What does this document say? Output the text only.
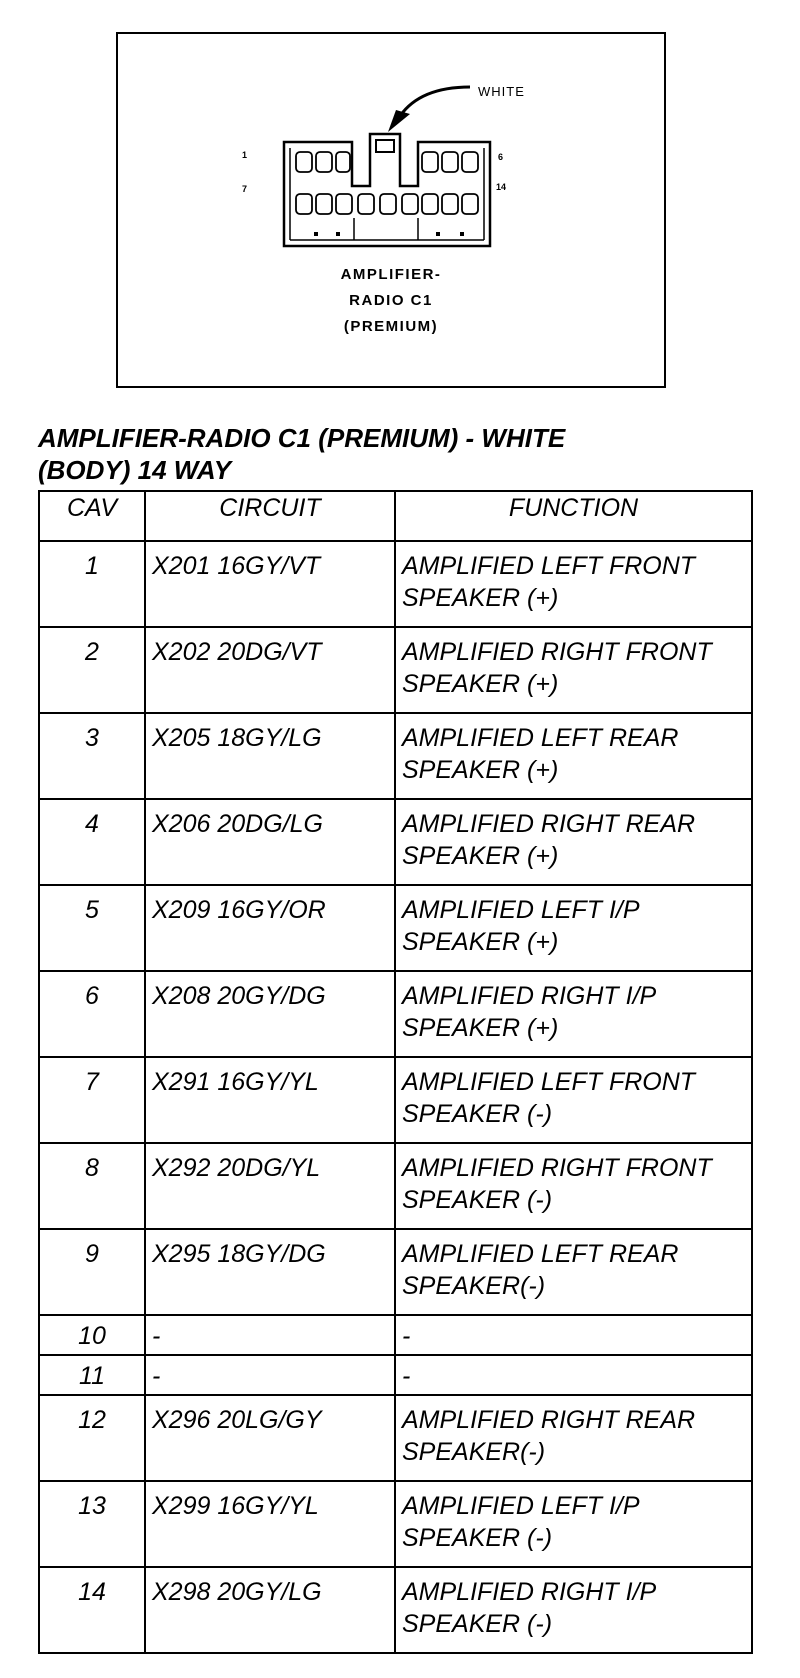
WHITE
1	6
7	14
AMPLIFIER-
RADIO C1
(PREMIUM)
AMPLIFIER-RADIO C1 (PREMIUM) - WHITE
(BODY) 14 WAY
CAV	CIRCUIT	FUNCTION
1	X201 16GY/VT	AMPLIFIED LEFT FRONT SPEAKER (+)
2	X202 20DG/VT	AMPLIFIED RIGHT FRONT SPEAKER (+)
3	X205 18GY/LG	AMPLIFIED LEFT REAR SPEAKER (+)
4	X206 20DG/LG	AMPLIFIED RIGHT REAR SPEAKER (+)
5	X209 16GY/OR	AMPLIFIED LEFT I/P SPEAKER (+)
6	X208 20GY/DG	AMPLIFIED RIGHT I/P SPEAKER (+)
7	X291 16GY/YL	AMPLIFIED LEFT FRONT SPEAKER (-)
8	X292 20DG/YL	AMPLIFIED RIGHT FRONT SPEAKER (-)
9	X295 18GY/DG	AMPLIFIED LEFT REAR SPEAKER(-)
10	-	-
11	-	-
12	X296 20LG/GY	AMPLIFIED RIGHT REAR SPEAKER(-)
13	X299 16GY/YL	AMPLIFIED LEFT I/P SPEAKER (-)
14	X298 20GY/LG	AMPLIFIED RIGHT I/P SPEAKER (-)
